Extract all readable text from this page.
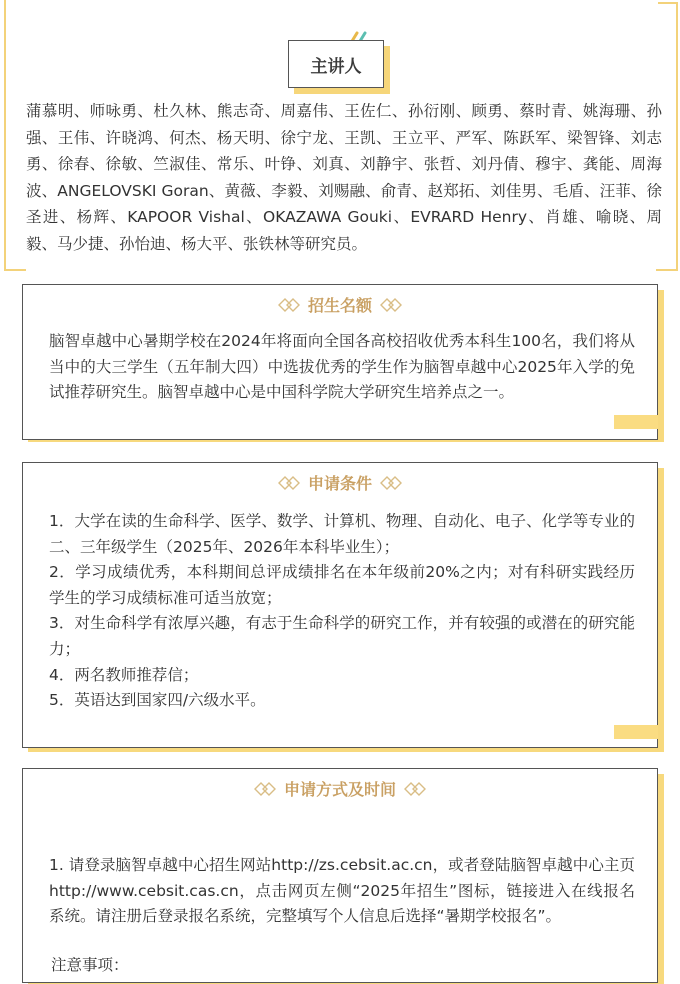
主讲人
蒲慕明、师咏勇、杜久林、熊志奇、周嘉伟、王佐仁、孙衍刚、顾勇、蔡时青、姚海珊、孙强、王伟、许晓鸿、何杰、杨天明、徐宁龙、王凯、王立平、严军、陈跃军、梁智锋、刘志勇、徐春、徐敏、竺淑佳、常乐、叶铮、刘真、刘静宇、张哲、刘丹倩、穆宇、龚能、周海波、ANGELOVSKI Goran、黄薇、李毅、刘赐融、俞青、赵郑拓、刘佳男、毛盾、汪菲、徐圣进、杨辉、KAPOOR Vishal、OKAZAWA Gouki、EVRARD Henry、肖雄、喻晓、周毅、马少捷、孙怡迪、杨大平、张铁林等研究员。
招生名额
脑智卓越中心暑期学校在2024年将面向全国各高校招收优秀本科生100名，我们将从当中的大三学生（五年制大四）中选拔优秀的学生作为脑智卓越中心2025年入学的免试推荐研究生。脑智卓越中心是中国科学院大学研究生培养点之一。
申请条件

1．大学在读的生命科学、医学、数学、计算机、物理、自动化、电子、化学等专业的二、三年级学生（2025年、2026年本科毕业生）；

2．学习成绩优秀，本科期间总评成绩排名在本年级前20%之内；对有科研实践经历学生的学习成绩标准可适当放宽；

3．对生命科学有浓厚兴趣，有志于生命科学的研究工作，并有较强的或潜在的研究能力；

4．两名教师推荐信；

5．英语达到国家四/六级水平。

申请方式及时间
1. 请登录脑智卓越中心招生网站http://zs.cebsit.ac.cn，或者登陆脑智卓越中心主页http://www.cebsit.cas.cn，点击网页左侧“2025年招生”图标，链接进入在线报名系统。请注册后登录报名系统，完整填写个人信息后选择“暑期学校报名”。
注意事项：
